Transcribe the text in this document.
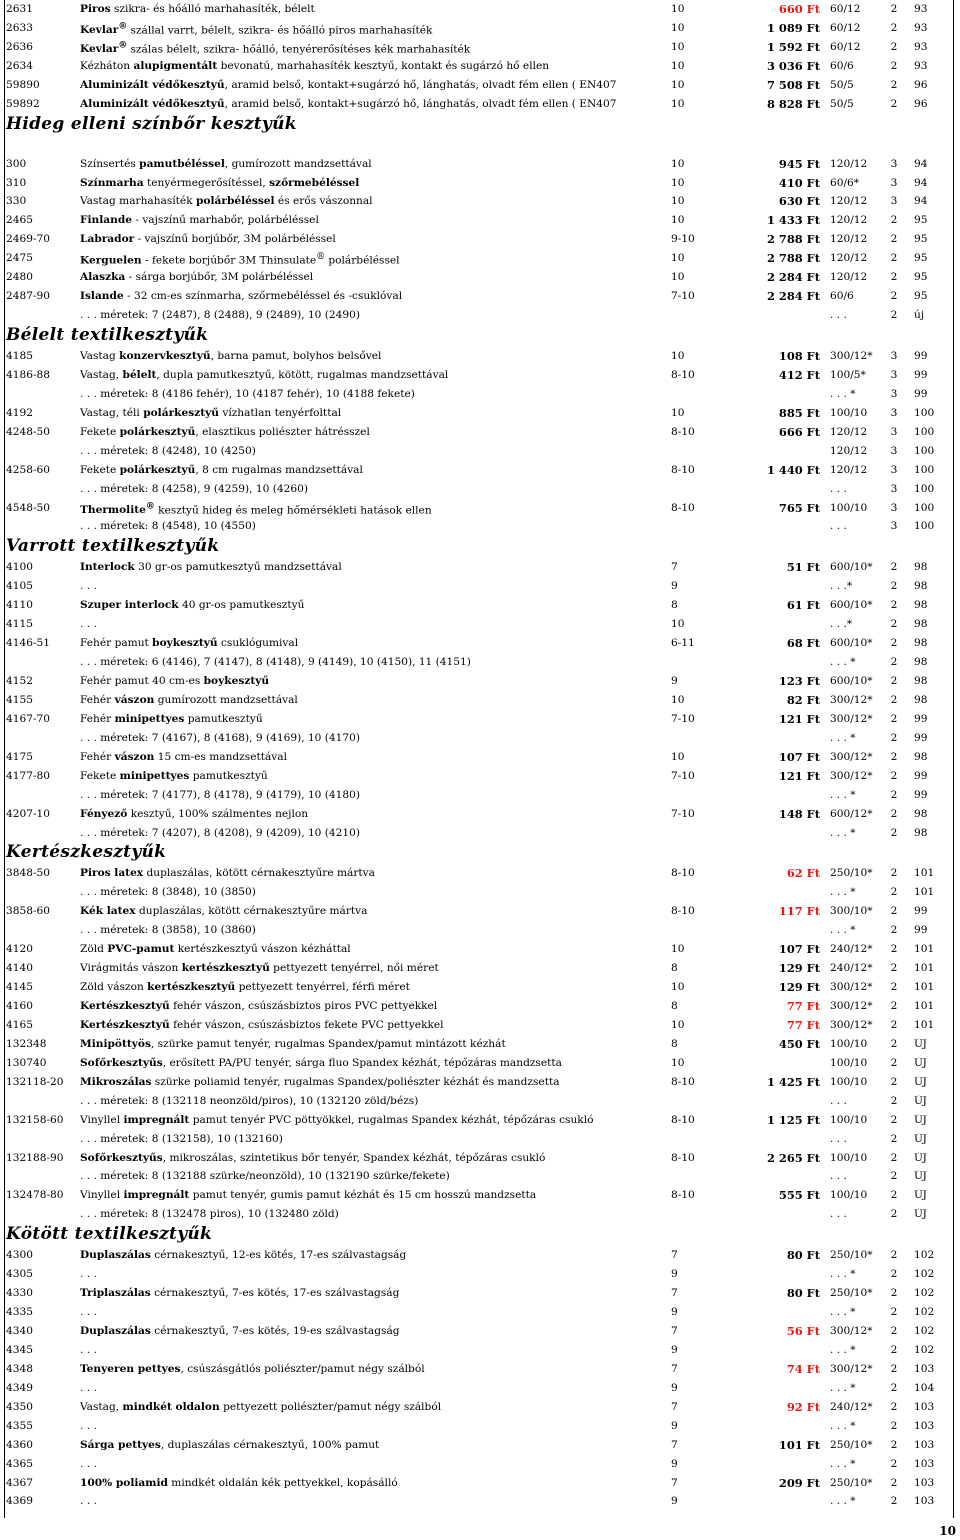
2631	Piros szikra- és hőálló marhahasíték, bélelt	10	660 Ft 60/12	2	93
2633	Kevlar® szállal varrt, bélelt, szikra- és hőálló piros marhahasíték	10	1 089 Ft 60/12	2	93
2636	Kevlar® szálas bélelt, szikra- hőálló, tenyérerősítéses kék marhahasíték	10	1 592 Ft 60/12	2	93
2634	Kézháton alupigmentált bevonatú, marhahasíték kesztyű, kontakt és sugárzó hő ellen	10	3 036 Ft 60/6	2	93
59890	Aluminizált védőkesztyű, aramid belső, kontakt+sugárzó hő, lánghatás, olvadt fém ellen ( EN407	10	7 508 Ft 50/5	2	96
59892	Aluminizált védőkesztyű, aramid belső, kontakt+sugárzó hő, lánghatás, olvadt fém ellen ( EN407	10	8 828 Ft 50/5	2	96
Hideg elleni színbőr kesztyűk
300	Színsertés pamutbéléssel, gumírozott mandzsettával	10	945 Ft 120/12	3	94
310	Színmarha tenyérmegerősítéssel, szőrmebéléssel	10	410 Ft 60/6*	3	94
330	Vastag marhahasíték polárbéléssel és erős vászonnal	10	630 Ft 120/12	3	94
2465	Finlande - vajszínű marhabőr, polárbéléssel	10	1 433 Ft 120/12	2	95
2469-70	Labrador - vajszínű borjúbőr, 3M polárbéléssel	9-10	2 788 Ft 120/12	2	95
2475	Kerguelen - fekete borjúbőr 3M Thinsulate® polárbéléssel	10	2 788 Ft 120/12	2	95
2480	Alaszka - sárga borjúbőr, 3M polárbéléssel	10	2 284 Ft 120/12	2	95
2487-90	Islande - 32 cm-es színmarha, szőrmebéléssel és -csuklóval	7-10	2 284 Ft 60/6	2	95
. . . méretek: 7 (2487), 8 (2488), 9 (2489), 10 (2490)	. . .	2	új
Bélelt textilkesztyűk
4185	Vastag konzervkesztyű, barna pamut, bolyhos belsővel	10	108 Ft 300/12*	3	99
4186-88	Vastag, bélelt, dupla pamutkesztyű, kötött, rugalmas mandzsettával	8-10	412 Ft 100/5*	3	99
. . . méretek: 8 (4186 fehér), 10 (4187 fehér), 10 (4188 fekete)	. . . *	3	99
4192	Vastag, téli polárkesztyű vízhatlan tenyérfolttal	10	885 Ft 100/10	3	100
4248-50	Fekete polárkesztyű, elasztikus poliészter hátrésszel	8-10	666 Ft 120/12	3	100
. . . méretek: 8 (4248), 10 (4250)	120/12	3	100
4258-60	Fekete polárkesztyű, 8 cm rugalmas mandzsettával	8-10	1 440 Ft 120/12	3	100
. . . méretek: 8 (4258), 9 (4259), 10 (4260)	. . .	3	100
4548-50	Thermolite® kesztyű hideg és meleg hőmérsékleti hatások ellen	8-10	765 Ft 100/10	3	100
. . . méretek: 8 (4548), 10 (4550)	. . .	3	100
Varrott textilkesztyűk
4100	Interlock 30 gr-os pamutkesztyű mandzsettával	7	51 Ft 600/10*	2	98
4105	. . .	9	. . .*	2	98
4110	Szuper interlock 40 gr-os pamutkesztyű	8	61 Ft 600/10*	2	98
4115	. . .	10	. . .*	2	98
4146-51	Fehér pamut boykesztyű csuklógumival	6-11	68 Ft 600/10*	2	98
. . . méretek: 6 (4146), 7 (4147), 8 (4148), 9 (4149), 10 (4150), 11 (4151)	. . . *	2	98
4152	Fehér pamut 40 cm-es boykesztyű	9	123 Ft 600/10*	2	98
4155	Fehér vászon gumírozott mandzsettával	10	82 Ft 300/12*	2	98
4167-70	Fehér minipettyes pamutkesztyű	7-10	121 Ft 300/12*	2	99
. . . méretek: 7 (4167), 8 (4168), 9 (4169), 10 (4170)	. . . *	2	99
4175	Fehér vászon 15 cm-es mandzsettával	10	107 Ft 300/12*	2	98
4177-80	Fekete minipettyes pamutkesztyű	7-10	121 Ft 300/12*	2	99
. . . méretek: 7 (4177), 8 (4178), 9 (4179), 10 (4180)	. . . *	2	99
4207-10	Fényező kesztyű, 100% szálmentes nejlon	7-10	148 Ft 600/12*	2	98
. . . méretek: 7 (4207), 8 (4208), 9 (4209), 10 (4210)	. . . *	2	98
Kertészkesztyűk
3848-50	Piros latex duplaszálas, kötött cérnakesztyűre mártva	8-10	62 Ft 250/10*	2	101
. . . méretek: 8 (3848), 10 (3850)	. . . *	2	101
3858-60	Kék latex duplaszálas, kötött cérnakesztyűre mártva	8-10	117 Ft 300/10*	2	99
. . . méretek: 8 (3858), 10 (3860)	. . . *	2	99
4120	Zöld PVC-pamut kertészkesztyű vászon kézháttal	10	107 Ft 240/12*	2	101
4140	Virágmitás vászon kertészkesztyű pettyezett tenyérrel, női méret	8	129 Ft 240/12*	2	101
4145	Zöld vászon kertészkesztyű pettyezett tenyérrel, férfi méret	10	129 Ft 300/12*	2	101
4160	Kertészkesztyű fehér vászon, csúszásbiztos piros PVC pettyekkel	8	77 Ft 300/12*	2	101
4165	Kertészkesztyű fehér vászon, csúszásbiztos fekete PVC pettyekkel	10	77 Ft 300/12*	2	101
132348	Minipöttyös, szürke pamut tenyér, rugalmas Spandex/pamut mintázott kézhát	8	450 Ft 100/10	2	ÚJ
130740	Sofőrkesztyűs, erősített PA/PU tenyér, sárga fluo Spandex kézhát, tépőzáras mandzsetta	10	100/10	2	ÚJ
132118-20	Mikroszálas szürke poliamid tenyér, rugalmas Spandex/poliészter kézhát és mandzsetta	8-10	1 425 Ft 100/10	2	ÚJ
. . . méretek: 8 (132118 neonzöld/piros), 10 (132120 zöld/bézs)	. . .	2	ÚJ
132158-60	Vinyllel impregnált pamut tenyér PVC pöttyökkel, rugalmas Spandex kézhát, tépőzáras csukló	8-10	1 125 Ft 100/10	2	ÚJ
. . . méretek: 8 (132158), 10 (132160)	. . .	2	ÚJ
132188-90	Sofőrkesztyűs, mikroszálas, szintetikus bőr tenyér, Spandex kézhát, tépőzáras csukló	8-10	2 265 Ft 100/10	2	ÚJ
. . . méretek: 8 (132188 szürke/neonzöld), 10 (132190 szürke/fekete)	. . .	2	ÚJ
132478-80	Vinyllel impregnált pamut tenyér, gumis pamut kézhát és 15 cm hosszú mandzsetta	8-10	555 Ft 100/10	2	ÚJ
. . . méretek: 8 (132478 piros), 10 (132480 zöld)	. . .	2	ÚJ
Kötött textilkesztyűk
4300	Duplaszálas cérnakesztyű, 12-es kötés, 17-es szálvastagság	7	80 Ft 250/10*	2	102
4305	. . .	9	. . . *	2	102
4330	Triplaszálas cérnakesztyű, 7-es kötés, 17-es szálvastagság	7	80 Ft 250/10*	2	102
4335	. . .	9	. . . *	2	102
4340	Duplaszálas cérnakesztyű, 7-es kötés, 19-es szálvastagság	7	56 Ft 300/12*	2	102
4345	. . .	9	. . . *	2	102
4348	Tenyeren pettyes, csúszásgátlós poliészter/pamut négy szálból	7	74 Ft 300/12*	2	103
4349	. . .	9	. . . *	2	104
4350	Vastag, mindkét oldalon pettyezett poliészter/pamut négy szálból	7	92 Ft 240/12*	2	103
4355	. . .	9	. . . *	2	103
4360	Sárga pettyes, duplaszálas cérnakesztyű, 100% pamut	7	101 Ft 250/10*	2	103
4365	. . .	9	. . . *	2	103
4367	100% poliamid mindkét oldalán kék pettyekkel, kopásálló	7	209 Ft 250/10*	2	103
4369	. . .	9	. . . *	2	103
10
